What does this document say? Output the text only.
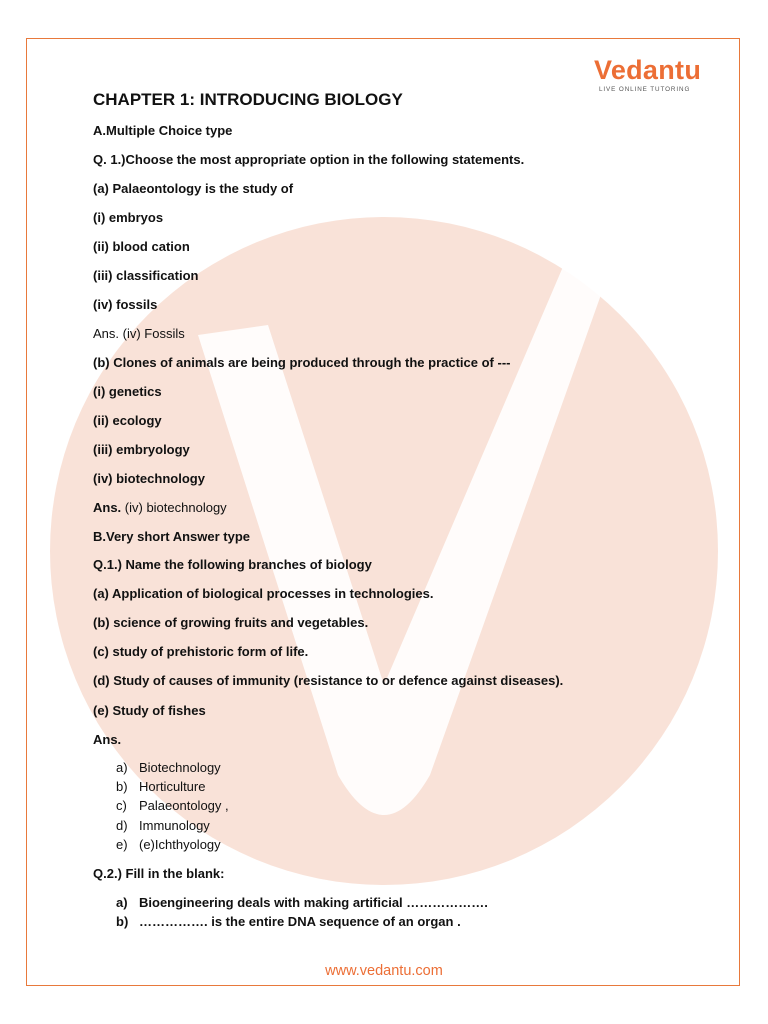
Vedantu
LIVE ONLINE TUTORING
CHAPTER 1: INTRODUCING BIOLOGY
A.Multiple Choice type
Q. 1.)Choose the most appropriate option in the following statements.
(a) Palaeontology is the study of
(i) embryos
(ii) blood cation
(iii) classification
(iv) fossils
Ans. (iv) Fossils
(b) Clones of animals are being produced through the practice of ---
(i) genetics
(ii) ecology
(iii) embryology
(iv) biotechnology
Ans. (iv) biotechnology
B.Very short Answer type
Q.1.) Name the following branches of biology
(a) Application of biological processes in technologies.
(b) science of growing fruits and vegetables.
(c) study of prehistoric form of life.
(d) Study of causes of immunity (resistance to or defence against diseases).
(e) Study of fishes
Ans.
a) Biotechnology
b) Horticulture
c) Palaeontology ,
d) Immunology
e) (e)Ichthyology
Q.2.) Fill in the blank:
a) Bioengineering deals with making artificial ……………….
b) ……………. is the entire DNA sequence of an organ .
www.vedantu.com
